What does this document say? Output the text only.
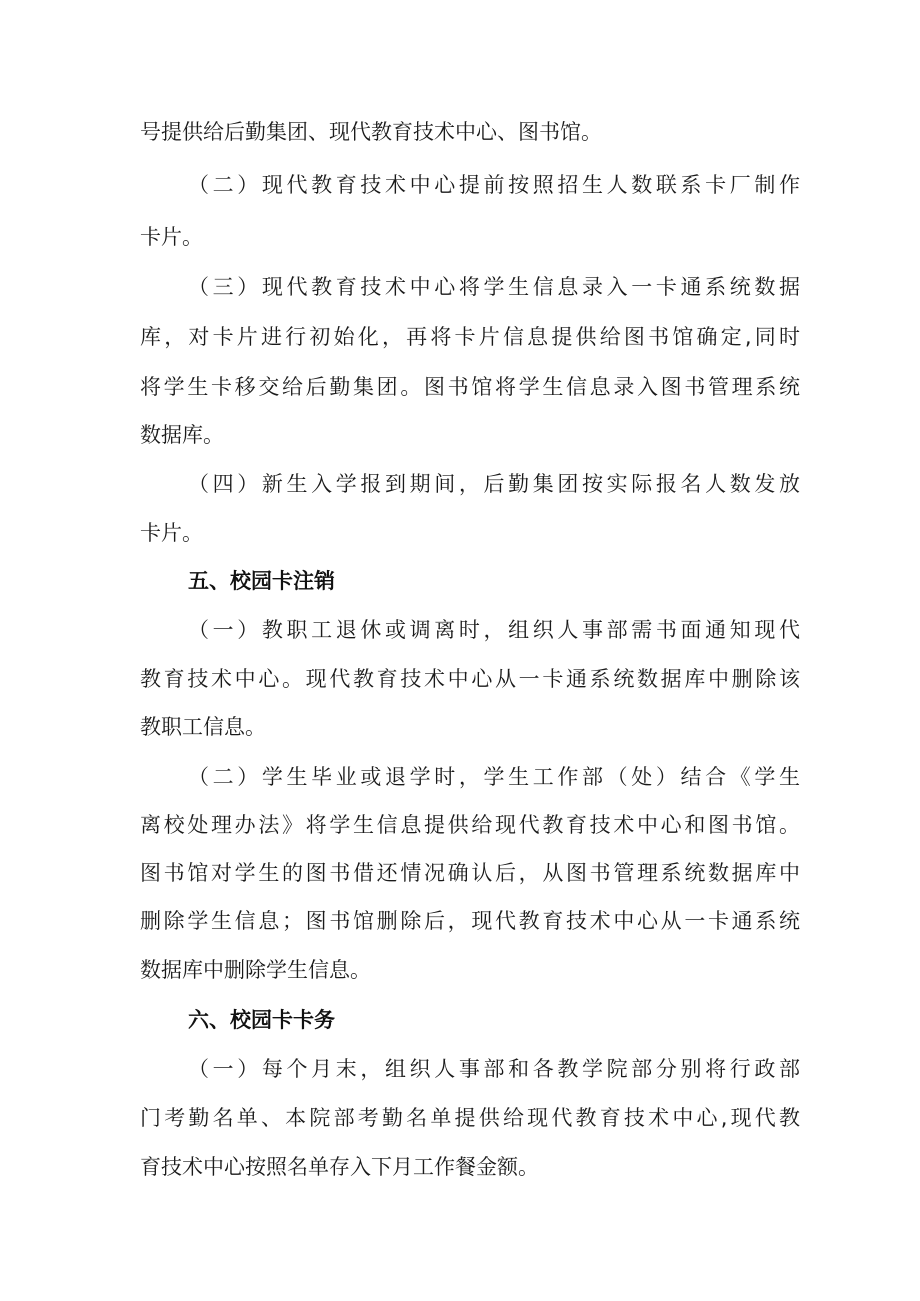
号提供给后勤集团、现代教育技术中心、图书馆。
（二）现代教育技术中心提前按照招生人数联系卡厂制作
卡片。
（三）现代教育技术中心将学生信息录入一卡通系统数据
库，对卡片进行初始化，再将卡片信息提供给图书馆确定,同时
将学生卡移交给后勤集团。图书馆将学生信息录入图书管理系统
数据库。
（四）新生入学报到期间，后勤集团按实际报名人数发放
卡片。
五、校园卡注销
（一）教职工退休或调离时，组织人事部需书面通知现代
教育技术中心。现代教育技术中心从一卡通系统数据库中删除该
教职工信息。
（二）学生毕业或退学时，学生工作部（处）结合《学生
离校处理办法》将学生信息提供给现代教育技术中心和图书馆。
图书馆对学生的图书借还情况确认后，从图书管理系统数据库中
删除学生信息；图书馆删除后，现代教育技术中心从一卡通系统
数据库中删除学生信息。
六、校园卡卡务
（一）每个月末，组织人事部和各教学院部分别将行政部
门考勤名单、本院部考勤名单提供给现代教育技术中心,现代教
育技术中心按照名单存入下月工作餐金额。
